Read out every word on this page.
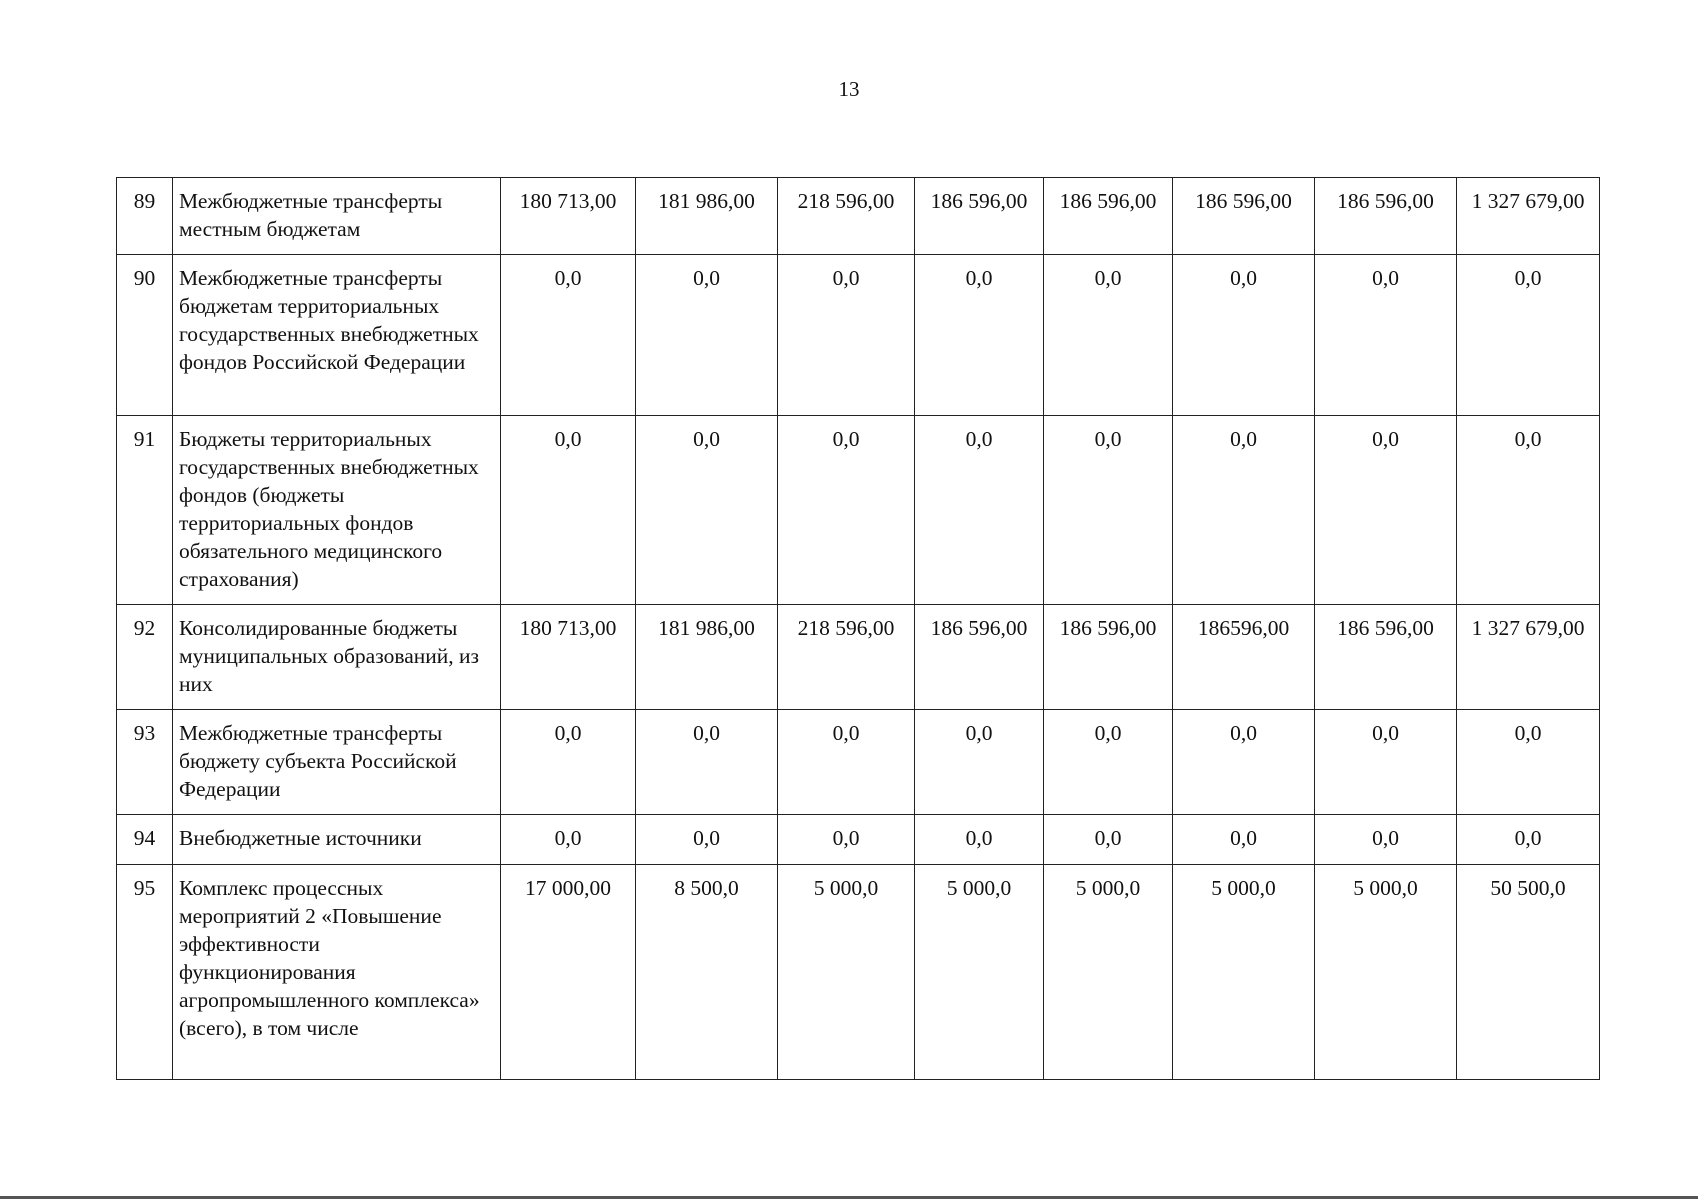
13
89	Межбюджетные трансферты местным бюджетам	180 713,00	181 986,00	218 596,00	186 596,00	186 596,00	186 596,00	186 596,00	1 327 679,00
90	Межбюджетные трансферты бюджетам территориальных государственных внебюджетных фондов Российской Федерации	0,0	0,0	0,0	0,0	0,0	0,0	0,0	0,0
91	Бюджеты территориальных государственных внебюджетных фондов (бюджеты территориальных фондов обязательного медицинского страхования)	0,0	0,0	0,0	0,0	0,0	0,0	0,0	0,0
92	Консолидированные бюджеты муниципальных образований, из них	180 713,00	181 986,00	218 596,00	186 596,00	186 596,00	186596,00	186 596,00	1 327 679,00
93	Межбюджетные трансферты бюджету субъекта Российской Федерации	0,0	0,0	0,0	0,0	0,0	0,0	0,0	0,0
94	Внебюджетные источники	0,0	0,0	0,0	0,0	0,0	0,0	0,0	0,0
95	Комплекс процессных мероприятий 2 «Повышение эффективности функционирования агропромышленного комплекса» (всего), в том числе	17 000,00	8 500,0	5 000,0	5 000,0	5 000,0	5 000,0	5 000,0	50 500,0
